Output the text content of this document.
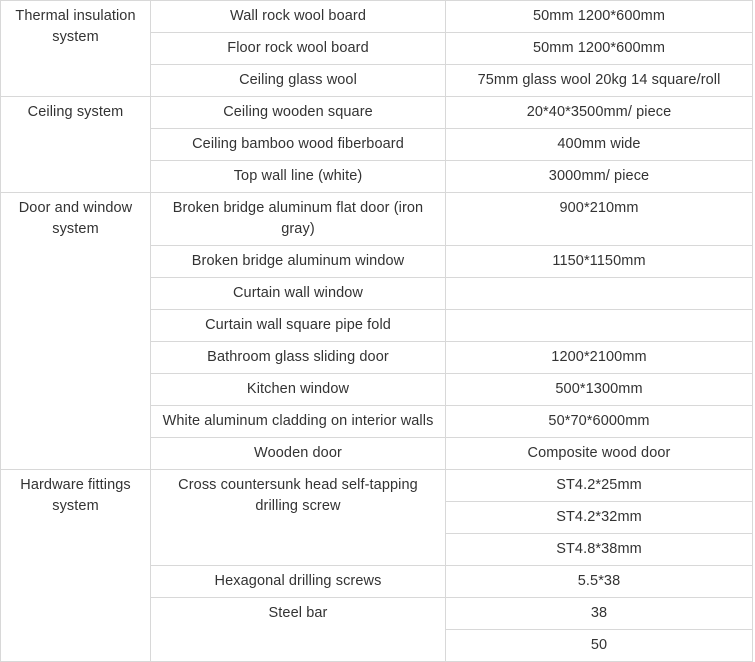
Thermal insulation system	Wall rock wool board	50mm 1200*600mm
	Floor rock wool board	50mm 1200*600mm
	Ceiling glass wool	75mm glass wool 20kg 14 square/roll
Ceiling system	Ceiling wooden square	20*40*3500mm/ piece
	Ceiling bamboo wood fiberboard	400mm wide
	Top wall line (white)	3000mm/ piece
Door and window system	Broken bridge aluminum flat door (iron gray)	900*210mm
	Broken bridge aluminum window	1150*1150mm
	Curtain wall window	
	Curtain wall square pipe fold	
	Bathroom glass sliding door	1200*2100mm
	Kitchen window	500*1300mm
	White aluminum cladding on interior walls	50*70*6000mm
	Wooden door	Composite wood door
Hardware fittings system	Cross countersunk head self-tapping drilling screw	ST4.2*25mm
		ST4.2*32mm
		ST4.8*38mm
	Hexagonal drilling screws	5.5*38
	Steel bar	38
		50
